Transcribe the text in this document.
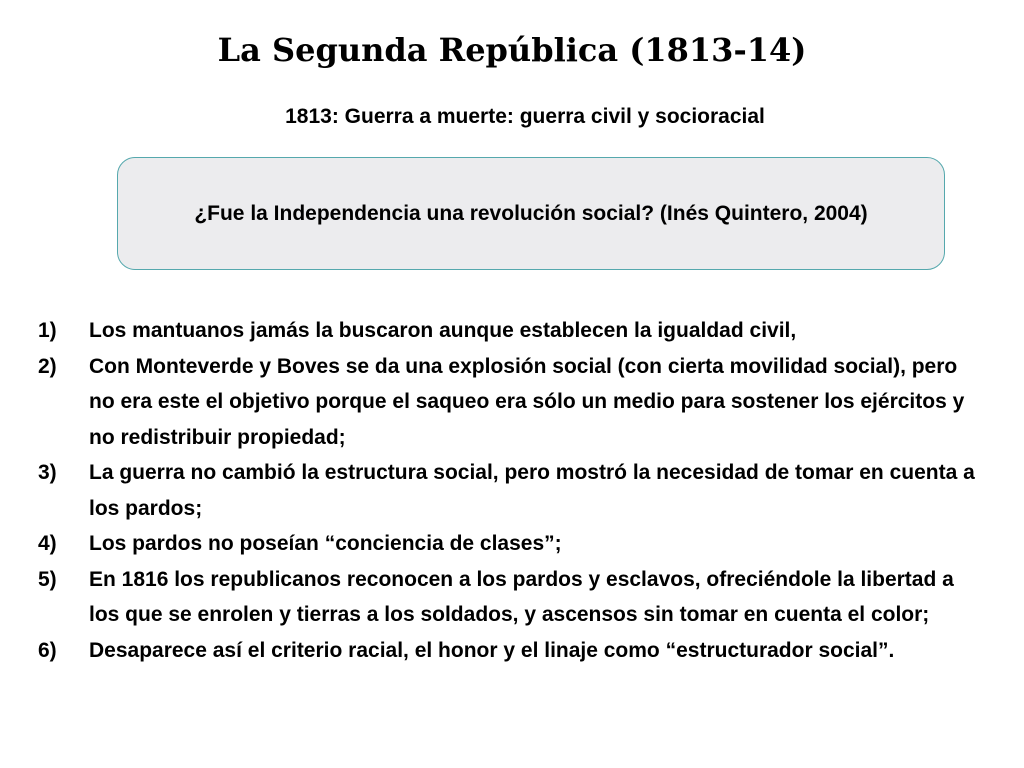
La Segunda República (1813-14)
1813: Guerra a muerte: guerra civil y socioracial
¿Fue la Independencia una revolución social? (Inés Quintero, 2004)
1) Los mantuanos jamás la buscaron aunque establecen la igualdad civil,
2) Con Monteverde y Boves se da una explosión social (con cierta movilidad social), pero no era este el objetivo porque el saqueo era sólo un medio para sostener los ejércitos y no redistribuir propiedad;
3) La guerra no cambió la estructura social, pero mostró la necesidad de tomar en cuenta a los pardos;
4) Los pardos no poseían “conciencia de clases”;
5) En 1816 los republicanos reconocen a los pardos y esclavos, ofreciéndole la libertad a los que se enrolen y tierras a los soldados, y ascensos sin tomar en cuenta el color;
6) Desaparece así el criterio racial, el honor y el linaje como “estructurador social”.
